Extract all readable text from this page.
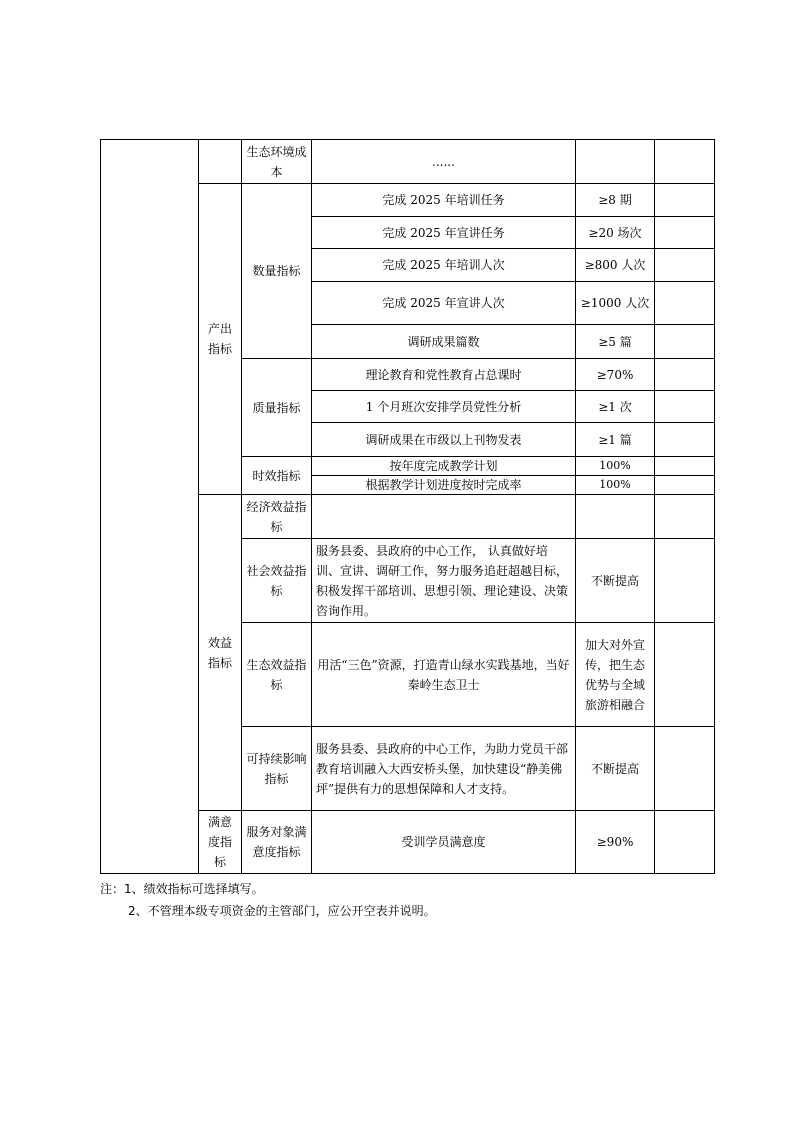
		生态环境成本	......		
	产出指标	数量指标	完成 2025 年培训任务	≥8 期	
			完成 2025 年宣讲任务	≥20 场次	
			完成 2025 年培训人次	≥800 人次	
			完成 2025 年宣讲人次	≥1000 人次	
			调研成果篇数	≥5 篇	
		质量指标	理论教育和党性教育占总课时	≥70%	
			1 个月班次安排学员党性分析	≥1 次	
			调研成果在市级以上刊物发表	≥1 篇	
		时效指标	按年度完成教学计划	100%	
			根据教学计划进度按时完成率	100%	
	效益指标	经济效益指标			
		社会效益指标	服务县委、县政府的中心工作， 认真做好培训、宣讲、调研工作，努力服务追赶超越目标，积极发挥干部培训、思想引领、理论建设、决策咨询作用。	不断提高	
		生态效益指标	用活“三色”资源，打造青山绿水实践基地，当好秦岭生态卫士	加大对外宣传，把生态优势与全域旅游相融合	
		可持续影响指标	服务县委、县政府的中心工作，为助力党员干部教育培训融入大西安桥头堡，加快建设“静美佛坪”提供有力的思想保障和人才支持。	不断提高	
	满意度指标	服务对象满意度指标	受训学员满意度	≥90%	
注：1、绩效指标可选择填写。
2、不管理本级专项资金的主管部门，应公开空表并说明。
